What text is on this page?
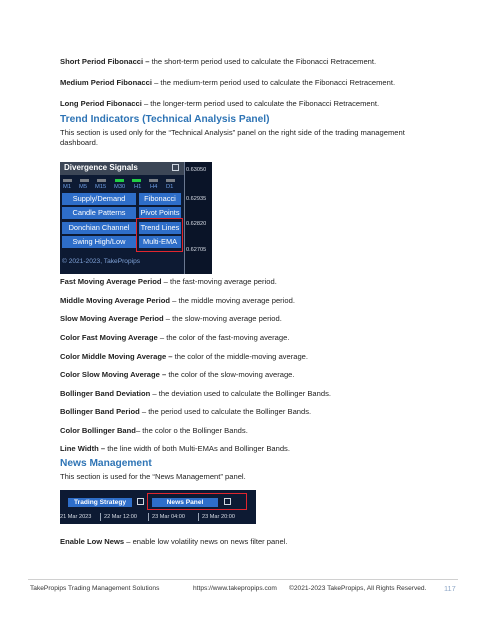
Short Period Fibonacci – the short-term period used to calculate the Fibonacci Retracement.

Medium Period Fibonacci – the medium-term period used to calculate the Fibonacci Retracement.

Long Period Fibonacci – the longer-term period used to calculate the Fibonacci Retracement.

Trend Indicators (Technical Analysis Panel)

This section is used only for the “Technical Analysis” panel on the right side of the trading management dashboard.

Divergence Signals	0.63050
0.62935
0.62820
0.62705
M1 M5 M15 M30 H1 H4 D1
Supply/Demand	Fibonacci
Candle Patterns	Pivot Points
Donchian Channel	Trend Lines
Swing High/Low	Multi-EMA
© 2021-2023, TakePropips

Fast Moving Average Period – the fast-moving average period.

Middle Moving Average Period – the middle moving average period.

Slow Moving Average Period – the slow-moving average period.

Color Fast Moving Average – the color of the fast-moving average.

Color Middle Moving Average – the color of the middle-moving average.

Color Slow Moving Average – the color of the slow-moving average.

Bollinger Band Deviation – the deviation used to calculate the Bollinger Bands.

Bollinger Band Period – the period used to calculate the Bollinger Bands.

Color Bollinger Band– the color o the Bollinger Bands.

Line Width – the line width of both Multi-EMAs and Bollinger Bands.

News Management

This section is used for the “News Management” panel.

Trading Strategy	News Panel
21 Mar 2023 22 Mar 12:00	23 Mar 04:00	23 Mar 20:00

Enable Low News – enable low volatility news on news filter panel.

TakePropips Trading Management Solutions	https://www.takepropips.com ©2021-2023 TakePropips, All Rights Reserved. 117
